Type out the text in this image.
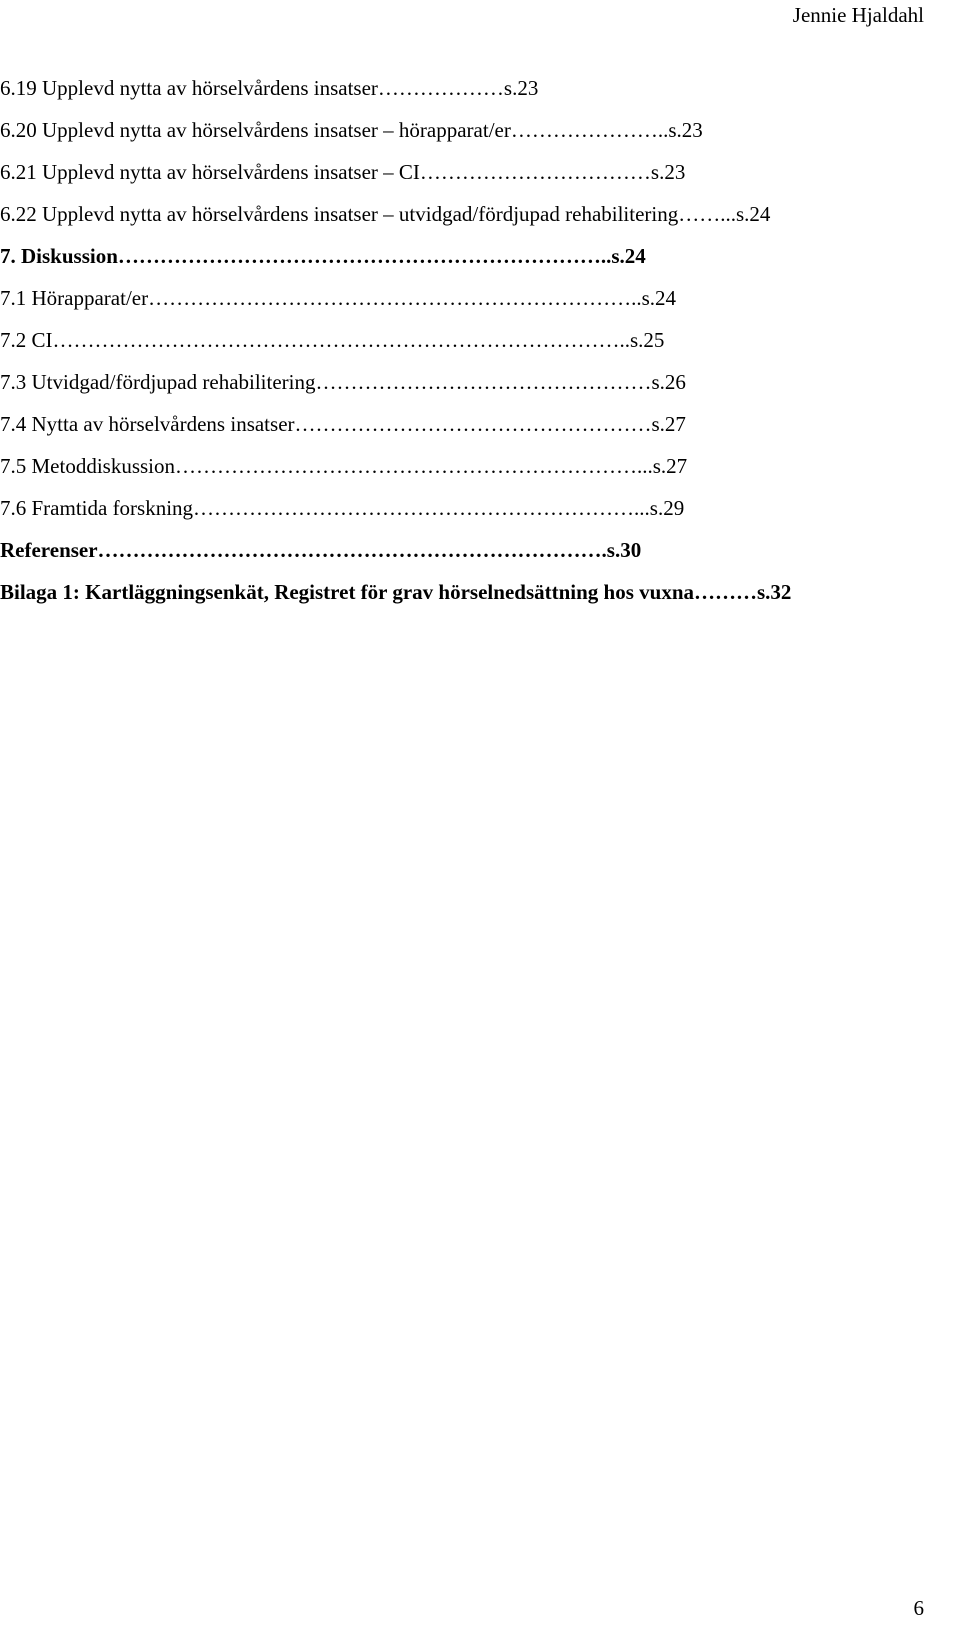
Jennie Hjaldahl
6.19 Upplevd nytta av hörselvårdens insatser………………s.23
6.20 Upplevd nytta av hörselvårdens insatser – hörapparat/er…………………..s.23
6.21 Upplevd nytta av hörselvårdens insatser – CI……………………………s.23
6.22 Upplevd nytta av hörselvårdens insatser – utvidgad/fördjupad rehabilitering……...s.24
7. Diskussion……………………………………………………………..s.24
7.1 Hörapparat/er……………………………………………………………..s.24
7.2 CI………………………………………………………………………..s.25
7.3 Utvidgad/fördjupad rehabilitering…………………………………………s.26
7.4 Nytta av hörselvårdens insatser……………………………………………s.27
7.5 Metoddiskussion…………………………………………………………...s.27
7.6 Framtida forskning………………………………………………………...s.29
Referenser……………………………………………………………….s.30
Bilaga 1: Kartläggningsenkät, Registret för grav hörselnedsättning hos vuxna………s.32
6
